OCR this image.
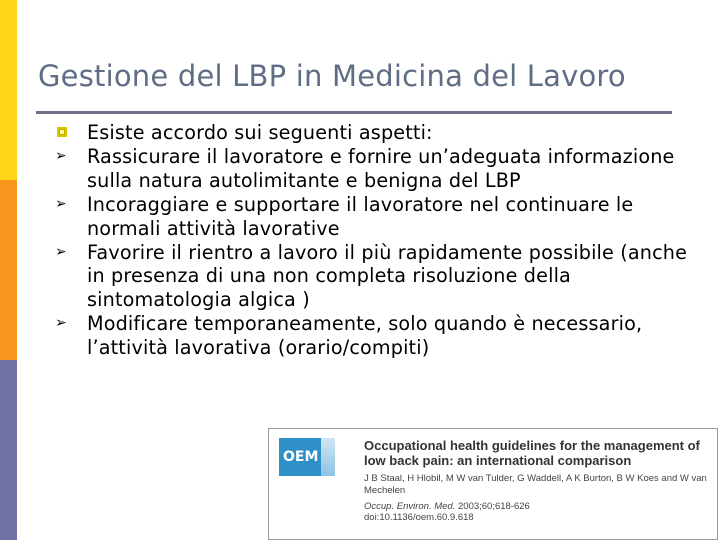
Gestione del LBP in Medicina del Lavoro
Esiste accordo sui seguenti aspetti:
➢	Rassicurare il lavoratore e fornire un’adeguata informazione sulla natura autolimitante e benigna del LBP
➢	Incoraggiare e supportare il lavoratore nel continuare le normali attività lavorative
➢	Favorire il rientro a lavoro il più rapidamente possibile (anche in presenza di una non completa risoluzione della sintomatologia algica )
➢	Modificare temporaneamente, solo quando è necessario, l’attività lavorativa (orario/compiti)
OEM
Occupational health guidelines for the management of low back pain: an international comparison
J B Staal, H Hlobil, M W van Tulder, G Waddell, A K Burton, B W Koes and W van Mechelen
Occup. Environ. Med. 2003;60;618-626
doi:10.1136/oem.60.9.618
